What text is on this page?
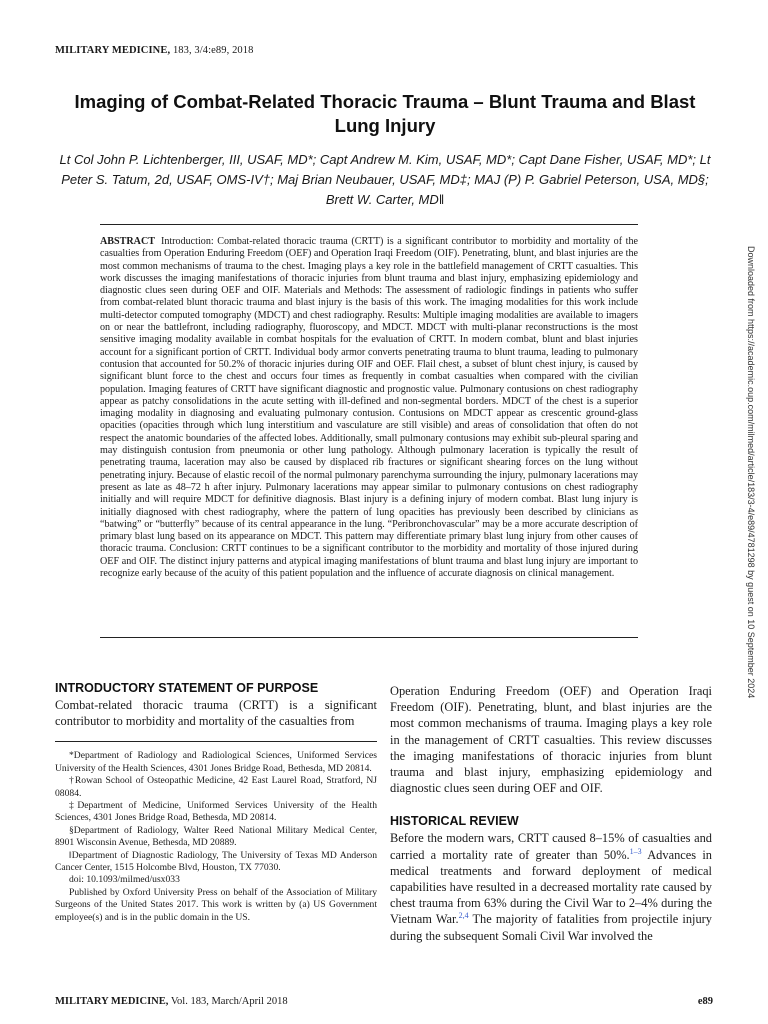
MILITARY MEDICINE, 183, 3/4:e89, 2018
Imaging of Combat-Related Thoracic Trauma – Blunt Trauma and Blast Lung Injury

Lt Col John P. Lichtenberger, III, USAF, MD*; Capt Andrew M. Kim, USAF, MD*; Capt Dane Fisher, USAF, MD*; Lt Peter S. Tatum, 2d, USAF, OMS-IV†; Maj Brian Neubauer, USAF, MD‡; MAJ (P) P. Gabriel Peterson, USA, MD§; Brett W. Carter, MD‖

ABSTRACT Introduction: Combat-related thoracic trauma (CRTT) is a significant contributor to morbidity and mortality of the casualties from Operation Enduring Freedom (OEF) and Operation Iraqi Freedom (OIF). Penetrating, blunt, and blast injuries are the most common mechanisms of trauma to the chest. Imaging plays a key role in the battlefield management of CRTT casualties. This work discusses the imaging manifestations of thoracic injuries from blunt trauma and blast injury, emphasizing epidemiology and diagnostic clues seen during OEF and OIF. Materials and Methods: The assessment of radiologic findings in patients who suffer from combat-related blunt thoracic trauma and blast injury is the basis of this work. The imaging modalities for this work include multi-detector computed tomography (MDCT) and chest radiography. Results: Multiple imaging modalities are available to imagers on or near the battlefront, including radiography, fluoroscopy, and MDCT. MDCT with multi-planar reconstructions is the most sensitive imaging modality available in combat hospitals for the evaluation of CRTT. In modern combat, blunt and blast injuries account for a significant portion of CRTT. Individual body armor converts penetrating trauma to blunt trauma, leading to pulmonary contusion that accounted for 50.2% of thoracic injuries during OIF and OEF. Flail chest, a subset of blunt chest injury, is caused by significant blunt force to the chest and occurs four times as frequently in combat casualties when compared with the civilian population. Imaging features of CRTT have significant diagnostic and prognostic value. Pulmonary contusions on chest radiography appear as patchy consolidations in the acute setting with ill-defined and non-segmental borders. MDCT of the chest is a superior imaging modality in diagnosing and evaluating pulmonary contusion. Contusions on MDCT appear as crescentic ground-glass opacities (opacities through which lung interstitium and vasculature are still visible) and areas of consolidation that often do not respect the anatomic boundaries of the affected lobes. Additionally, small pulmonary contusions may exhibit sub-pleural sparing and may distinguish contusion from pneumonia or other lung pathology. Although pulmonary laceration is typically the result of penetrating trauma, laceration may also be caused by displaced rib fractures or significant shearing forces on the lung without penetrating injury. Because of elastic recoil of the normal pulmonary parenchyma surrounding the injury, pulmonary lacerations may present as late as 48–72 h after injury. Pulmonary lacerations may appear similar to pulmonary contusions on chest radiography initially and will require MDCT for definitive diagnosis. Blast injury is a defining injury of modern combat. Blast lung injury is initially diagnosed with chest radiography, where the pattern of lung opacities has previously been described by clinicians as “batwing” or “butterfly” because of its central appearance in the lung. “Peribronchovascular” may be a more accurate description of primary blast lung based on its appearance on MDCT. This pattern may differentiate primary blast lung injury from other causes of thoracic trauma. Conclusion: CRTT continues to be a significant contributor to the morbidity and mortality of those injured during OEF and OIF. The distinct injury patterns and atypical imaging manifestations of blunt trauma and blast lung injury are important to recognize early because of the acuity of this patient population and the influence of accurate diagnosis on clinical management.	Downloaded from https://academic.oup.com/milmed/article/183/3-4/e89/4781298 by guest on 10 September 2024
INTRODUCTORY STATEMENT OF PURPOSE

Combat-related thoracic trauma (CRTT) is a significant contributor to morbidity and mortality of the casualties from

*Department of Radiology and Radiological Sciences, Uniformed Services University of the Health Sciences, 4301 Jones Bridge Road, Bethesda, MD 20814.

†Rowan School of Osteopathic Medicine, 42 East Laurel Road, Stratford, NJ 08084.

‡Department of Medicine, Uniformed Services University of the Health Sciences, 4301 Jones Bridge Road, Bethesda, MD 20814.

§Department of Radiology, Walter Reed National Military Medical Center, 8901 Wisconsin Avenue, Bethesda, MD 20889.

‖Department of Diagnostic Radiology, The University of Texas MD Anderson Cancer Center, 1515 Holcombe Blvd, Houston, TX 77030.

doi: 10.1093/milmed/usx033

Published by Oxford University Press on behalf of the Association of Military Surgeons of the United States 2017. This work is written by (a) US Government employee(s) and is in the public domain in the US.

Operation Enduring Freedom (OEF) and Operation Iraqi Freedom (OIF). Penetrating, blunt, and blast injuries are the most common mechanisms of trauma. Imaging plays a key role in the management of CRTT casualties. This review discusses the imaging manifestations of thoracic injuries from blunt trauma and blast injury, emphasizing epidemiology and diagnostic clues seen during OEF and OIF.

HISTORICAL REVIEW

Before the modern wars, CRTT caused 8–15% of casualties and carried a mortality rate of greater than 50%.$^{1-3}$ Advances in medical treatments and forward deployment of medical capabilities have resulted in a decreased mortality rate caused by chest trauma from 63% during the Civil War to 2–4% during the Vietnam War.$^{2,4}$ The majority of fatalities from projectile injury during the subsequent Somali Civil War involved the

MILITARY MEDICINE, Vol. 183, March/April 2018	e89
